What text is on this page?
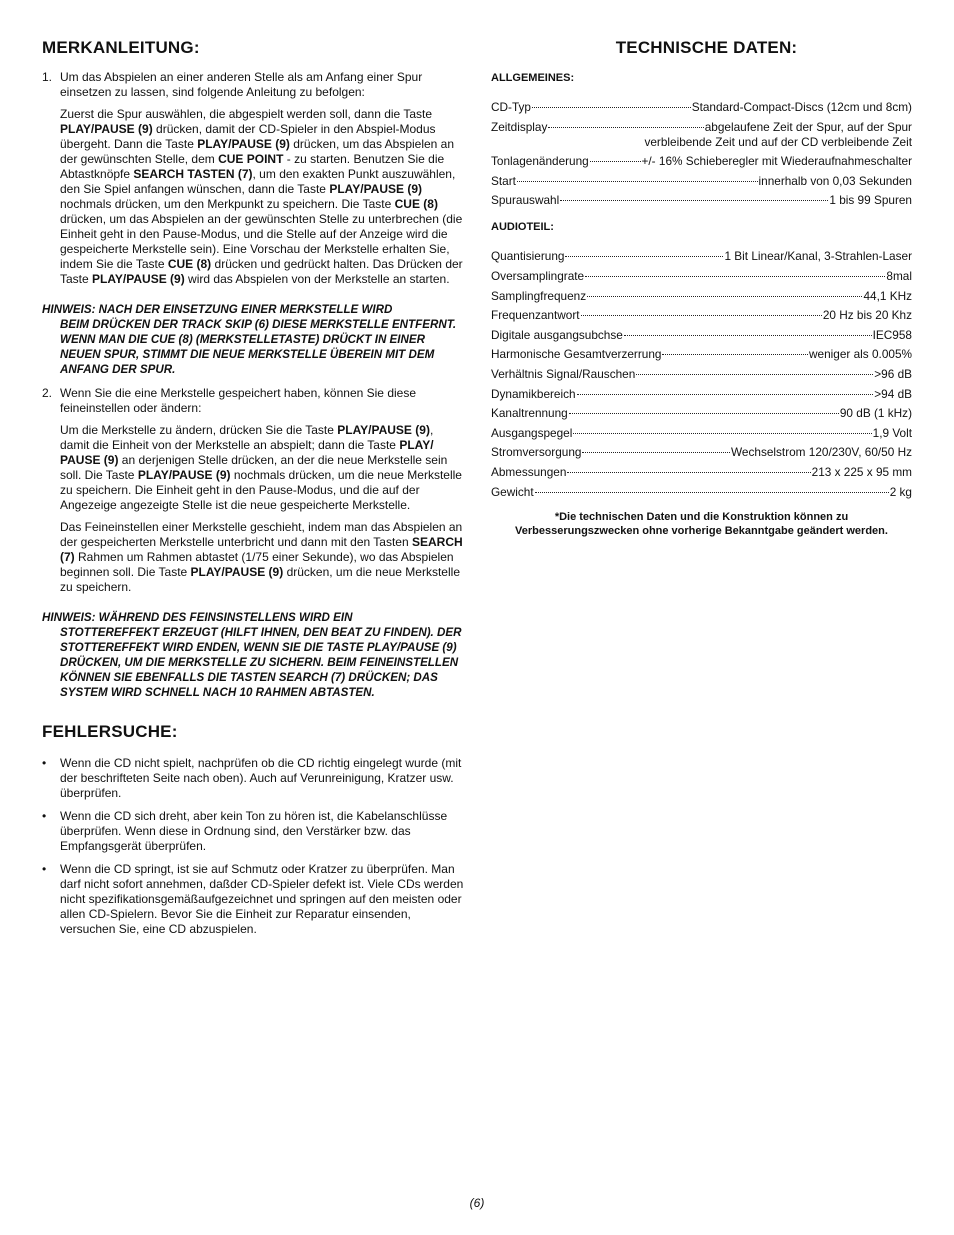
MERKANLEITUNG:
1. Um das Abspielen an einer anderen Stelle als am Anfang einer Spur einsetzen zu lassen, sind folgende Anleitung zu befolgen:

Zuerst die Spur auswählen, die abgespielt werden soll, dann die Taste PLAY/PAUSE (9) drücken, damit der CD-Spieler in den Abspiel-Modus übergeht. Dann die Taste PLAY/PAUSE (9) drücken, um das Abspielen an der gewünschten Stelle, dem CUE POINT - zu starten. Benutzen Sie die Abtastknöpfe SEARCH TASTEN (7), um den exakten Punkt auszuwählen, den Sie Spiel anfangen wünschen, dann die Taste PLAY/PAUSE (9) nochmals drücken, um den Merkpunkt zu speichern. Die Taste CUE (8) drücken, um das Abspielen an der gewünschten Stelle zu unterbrechen (die Einheit geht in den Pause-Modus, und die Stelle auf der Anzeige wird die gespeicherte Merkstelle sein). Eine Vorschau der Merkstelle erhalten Sie, indem Sie die Taste CUE (8) drücken und gedrückt halten. Das Drücken der Taste PLAY/PAUSE (9) wird das Abspielen von der Merkstelle an starten.

HINWEIS: NACH DER EINSETZUNG EINER MERKSTELLE WIRD
BEIM DRÜCKEN DER TRACK SKIP (6) DIESE MERKSTELLE ENTFERNT. WENN MAN DIE CUE (8) (MERKSTELLETASTE) DRÜCKT IN EINER NEUEN SPUR, STIMMT DIE NEUE MERKSTELLE ÜBEREIN MIT DEM ANFANG DER SPUR.
2. Wenn Sie die eine Merkstelle gespeichert haben, können Sie diese feineinstellen oder ändern:

Um die Merkstelle zu ändern, drücken Sie die Taste PLAY/PAUSE (9), damit die Einheit von der Merkstelle an abspielt; dann die Taste PLAY/ PAUSE (9) an derjenigen Stelle drücken, an der die neue Merkstelle sein soll. Die Taste PLAY/PAUSE (9) nochmals drücken, um die neue Merkstelle zu speichern. Die Einheit geht in den Pause-Modus, und die auf der Angezeige angezeigte Stelle ist die neue gespeicherte Merkstelle.

Das Feineinstellen einer Merkstelle geschieht, indem man das Abspielen an der gespeicherten Merkstelle unterbricht und dann mit den Tasten SEARCH (7) Rahmen um Rahmen abtastet (1/75 einer Sekunde), wo das Abspielen beginnen soll. Die Taste PLAY/PAUSE (9) drücken, um die neue Merkstelle zu speichern.

HINWEIS: WÄHREND DES FEINSINSTELLENS WIRD EIN
STOTTEREFFEKT ERZEUGT (HILFT IHNEN, DEN BEAT ZU FINDEN). DER STOTTEREFFEKT WIRD ENDEN, WENN SIE DIE TASTE PLAY/PAUSE (9) DRÜCKEN, UM DIE MERKSTELLE ZU SICHERN. BEIM FEINEINSTELLEN KÖNNEN SIE EBENFALLS DIE TASTEN SEARCH (7) DRÜCKEN; DAS SYSTEM WIRD SCHNELL NACH 10 RAHMEN ABTASTEN.
FEHLERSUCHE:
•	Wenn die CD nicht spielt, nachprüfen ob die CD richtig eingelegt wurde (mit der beschrifteten Seite nach oben). Auch auf Verunreinigung, Kratzer usw. überprüfen.
•	Wenn die CD sich dreht, aber kein Ton zu hören ist, die Kabelanschlüsse überprüfen. Wenn diese in Ordnung sind, den Verstärker bzw. das Empfangsgerät überprüfen.
•	Wenn die CD springt, ist sie auf Schmutz oder Kratzer zu überprüfen. Man darf nicht sofort annehmen, daßder CD-Spieler defekt ist. Viele CDs werden nicht spezifikationsgemäßaufgezeichnet und springen auf den meisten oder allen CD-Spielern. Bevor Sie die Einheit zur Reparatur einsenden, versuchen Sie, eine CD abzuspielen.
TECHNISCHE DATEN:
ALLGEMEINES:
CD-Typ	Standard-Compact-Discs (12cm und 8cm)
Zeitdisplay	abgelaufene Zeit der Spur, auf der Spur
verbleibende Zeit und auf der CD verbleibende Zeit
Tonlagenänderung	+/- 16% Schieberegler mit Wiederaufnahmeschalter
Start	innerhalb von 0,03 Sekunden
Spurauswahl	1 bis 99 Spuren
AUDIOTEIL:
Quantisierung	1 Bit Linear/Kanal, 3-Strahlen-Laser
Oversamplingrate	8mal
Samplingfrequenz	44,1 KHz
Frequenzantwort	20 Hz bis 20 Khz
Digitale ausgangsubchse	IEC958
Harmonische Gesamtverzerrung	weniger als 0.005%
Verhältnis Signal/Rauschen	>96 dB
Dynamikbereich	>94 dB
Kanaltrennung	90 dB (1 kHz)
Ausgangspegel	1,9 Volt
Stromversorgung	Wechselstrom 120/230V, 60/50 Hz
Abmessungen	213 x 225 x 95 mm
Gewicht	2 kg
*Die technischen Daten und die Konstruktion können zu
Verbesserungszwecken ohne vorherige Bekanntgabe geändert werden.
(6)
